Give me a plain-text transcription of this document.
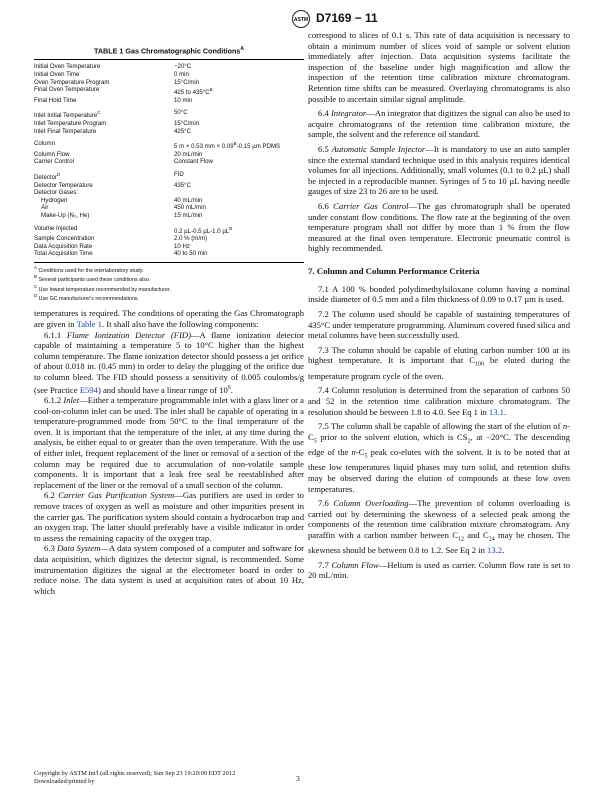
ASTM D7169 − 11
TABLE 1 Gas Chromatographic Conditions$^A$
Initial Oven Temperature	−20°C
Initial Oven Time	0 min
Oven Temperature Program	15°C/min
Final Oven Temperature	425 to $435^\circ C^B$
Final Hold Time	10 min
Inlet Initial Temperature$^C$	50°C
Inlet Temperature Program	15°C/min
Inlet Final Temperature	425°C
Column	5 m × 0.53 mm × $0.09^B-0.15$ µm PDMS
Column Flow	20 mL/min
Carrier Control	Constant Flow
Detector$^D$	FID
Detector Temperature	435°C
Detector Gases:
Hydrogen	40 mL/min
Air	450 mL/min
Make-Up (N₂, He)	15 mL/min
Volume Injected	0.2 µL-0.5 µL-1.0 µL$^B$
Sample Concentration	2.0 % (m/m)
Data Acquisition Rate	10 Hz
Total Acquisition Time	40 to 50 min
$^A$ Conditions used for the interlaboratory study.
$^B$ Several participants used these conditions also.
$^C$ Use lowest temperature recommended by manufacturer.
$^D$ Use GC manufacturer's recommendations.

temperatures is required. The conditions of operating the Gas Chromatograph are given in Table 1. It shall also have the following components:

6.1.1 Flame Ionization Detector (FID)—A flame ionization detector capable of maintaining a temperature 5 to 10°C higher than the highest column temperature. The flame ionization detector should possess a jet orifice of about 0.018 in. (0.45 mm) in order to delay the plugging of the orifice due to column bleed. The FID should possess a sensitivity of 0.005 coulombs/g (see Practice E594) and should have a linear range of $10^6$.

6.1.2 Inlet—Either a temperature programmable inlet with a glass liner or a cool-on-column inlet can be used. The inlet shall be capable of operating in a temperature-programmed mode from 50°C to the final temperature of the oven. It is important that the temperature of the inlet, at any time during the analysis, be either equal to or greater than the oven temperature. With the use of either inlet, frequent replacement of the liner or removal of a section of the column may be required due to accumulation of non-volatile sample components. It is important that a leak free seal be reestablished after replacement of the liner or the removal of a small section of the column.

6.2 Carrier Gas Purification System—Gas purifiers are used in order to remove traces of oxygen as well as moisture and other impurities present in the carrier gas. The purification system should contain a hydrocarbon trap and an oxygen trap. The latter should preferably have a visible indicator in order to assess the remaining capacity of the oxygen trap.

6.3 Data System—A data system composed of a computer and software for data acquisition, which digitizes the detector signal, is recommended. Some instrumentation digitizes the signal at the electrometer board in order to reduce noise. The data system is used at acquisition rates of about 10 Hz, which

correspond to slices of 0.1 s. This rate of data acquisition is necessary to obtain a minimum number of slices void of sample or solvent elution immediately after injection. Data acquisition systems facilitate the inspection of the baseline under high magnification and allow the inspection of the retention time calibration mixture chromatogram. Retention time shifts can be measured. Overlaying chromatograms is also possible to ascertain similar signal amplitude.

6.4 Integrator—An integrator that digitizes the signal can also be used to acquire chromatograms of the retention time calibration mixture, the sample, the solvent and the reference oil standard.

6.5 Automatic Sample Injector—It is mandatory to use an auto sampler since the external standard technique used in this analysis requires identical volumes for all injections. Additionally, small volumes (0.1 to 0.2 µL) shall be injected in a reproducible manner. Syringes of 5 to 10 µL having needle gauges of size 23 to 26 are to be used.

6.6 Carrier Gas Control—The gas chromatograph shall be operated under constant flow conditions. The flow rate at the beginning of the oven temperature program shall not differ by more than 1 % from the flow measured at the final oven temperature. Electronic pneumatic control is highly recommended.

7. Column and Column Performance Criteria

7.1 A 100 % bonded polydimethylsiloxane column having a nominal inside diameter of 0.5 mm and a film thickness of 0.09 to 0.17 µm is used.

7.2 The column used should be capable of sustaining temperatures of 435°C under temperature programming. Aluminum covered fused silica and metal columns have been successfully used.

7.3 The column should be capable of eluting carbon number 100 at its highest temperature. It is important that $C_{100}$ be eluted during the temperature program cycle of the oven.

7.4 Column resolution is determined from the separation of carbons 50 and 52 in the retention time calibration mixture chromatogram. The resolution should be between 1.8 to 4.0. See Eq 1 in 13.1.

7.5 The column shall be capable of allowing the start of the elution of $n-C_5$ prior to the solvent elution, which is $CS_2$, at −20°C. The descending edge of the $n-C_5$ peak co-elutes with the solvent. It is to be noted that at these low temperatures liquid phases may turn solid, and retention shifts may be observed during the elution of compounds at these low oven temperatures.

7.6 Column Overloading—The prevention of column overloading is carried out by determining the skewness of a selected peak among the components of the retention time calibration mixture chromatogram. Any paraffin with a carbon number between $C_{12}$ and $C_{24}$ may be chosen. The skewness should be between 0.8 to 1.2. See Eq 2 in 13.2.

7.7 Column Flow—Helium is used as carrier. Column flow rate is set to 20 mL/min.

Copyright by ASTM Int'l (all rights reserved); Sun Sep 23 19:20:09 EDT 2012
Downloaded/printed by	3
